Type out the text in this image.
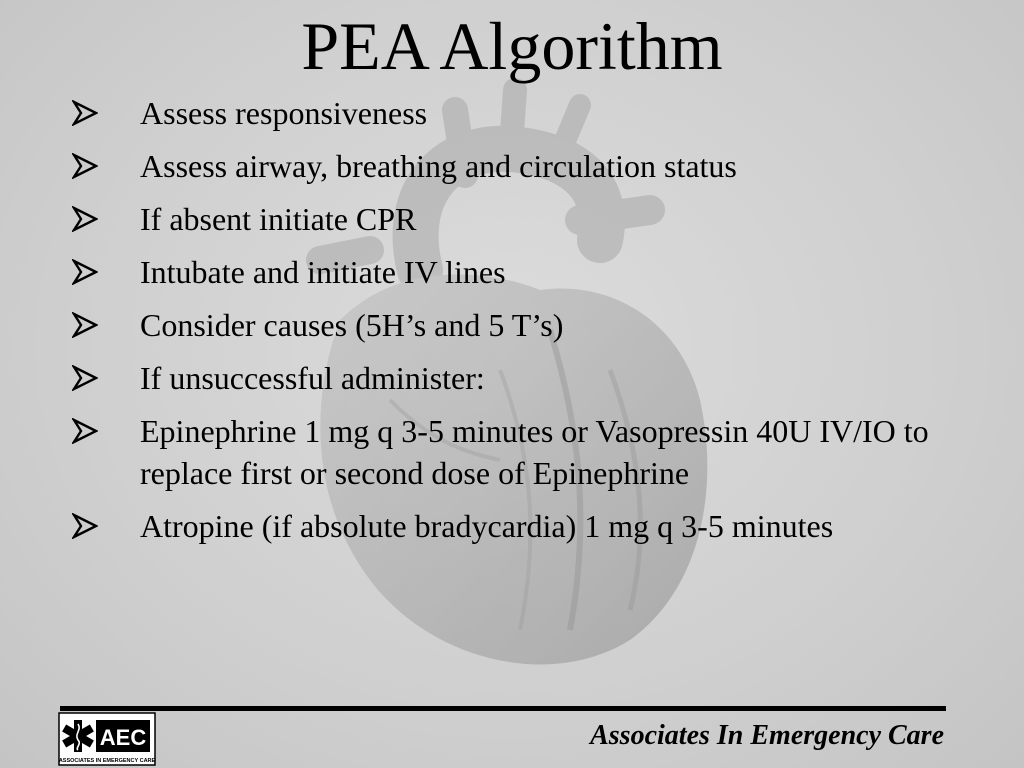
PEA Algorithm
Assess responsiveness
Assess airway, breathing and circulation status
If absent initiate CPR
Intubate and initiate IV lines
Consider causes (5H’s and 5 T’s)
If unsuccessful administer:
Epinephrine 1 mg q 3-5 minutes or Vasopressin 40U IV/IO to replace first or second dose of Epinephrine
Atropine (if absolute bradycardia) 1 mg q 3-5 minutes
AEC
ASSOCIATES IN EMERGENCY CARE
Associates In Emergency Care
